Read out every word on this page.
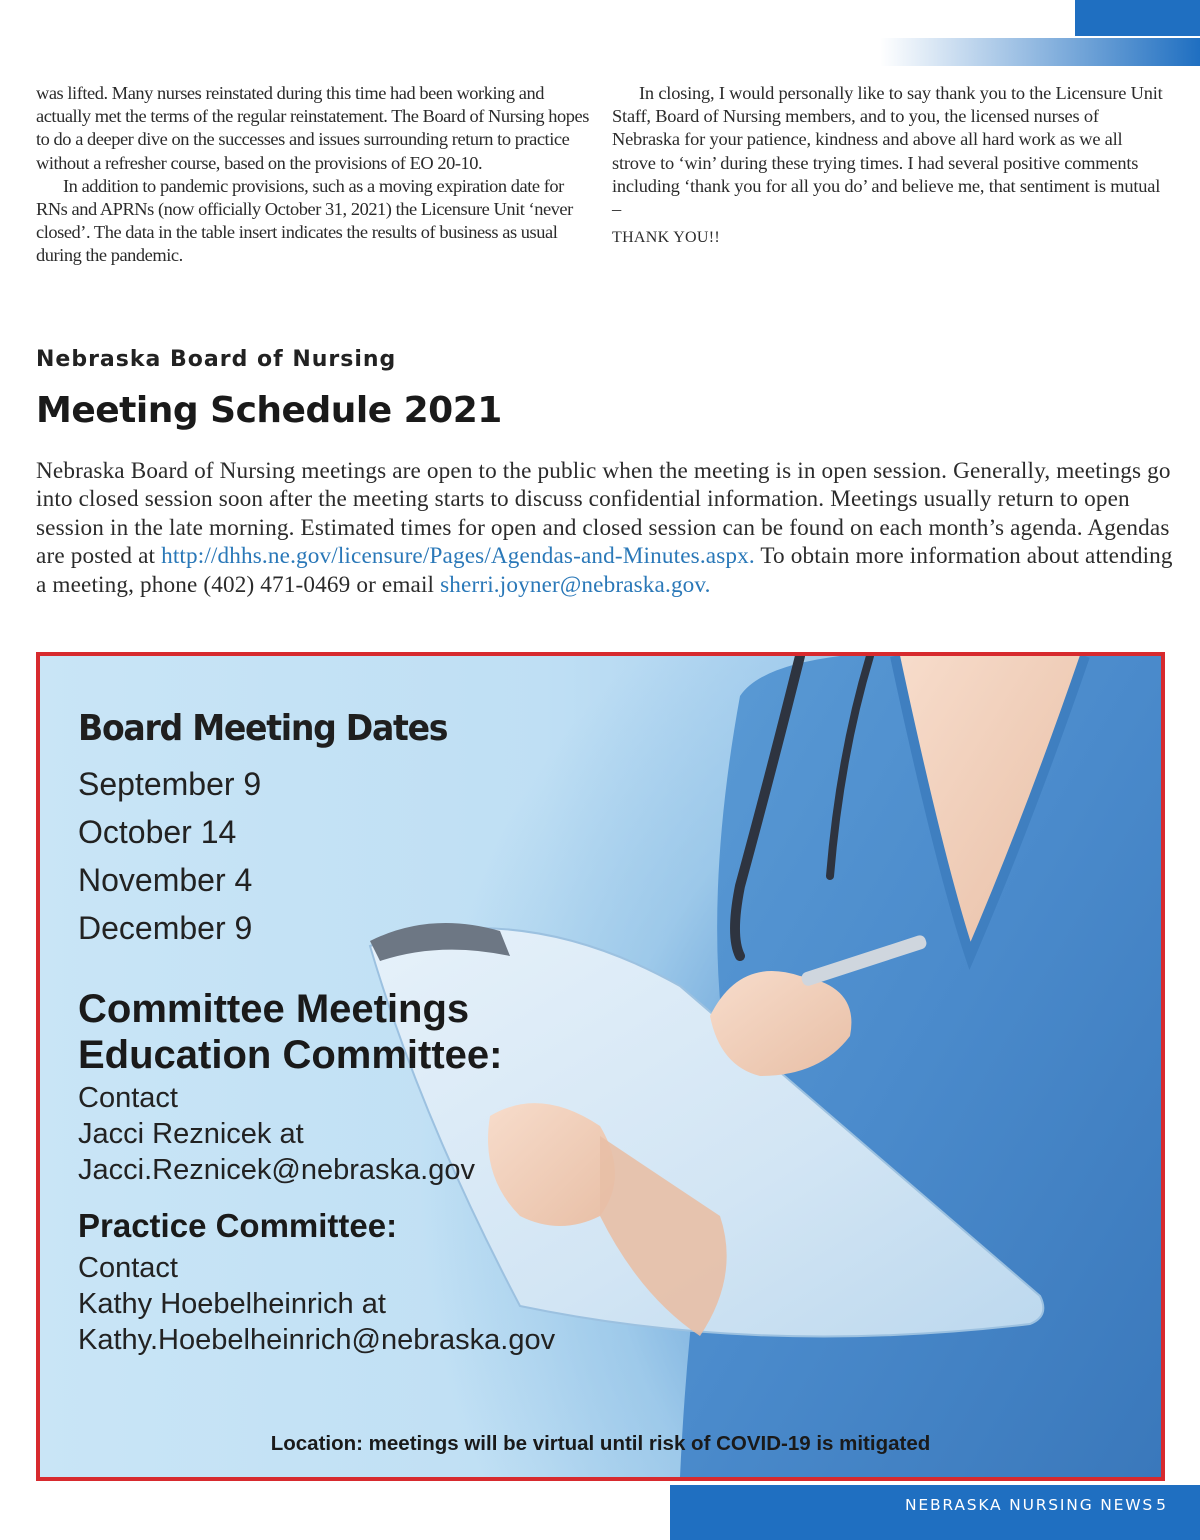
was lifted. Many nurses reinstated during this time had been working and actually met the terms of the regular reinstatement. The Board of Nursing hopes to do a deeper dive on the successes and issues surrounding return to practice without a refresher course, based on the provisions of EO 20-10.

In addition to pandemic provisions, such as a moving expiration date for RNs and APRNs (now officially October 31, 2021) the Licensure Unit ‘never closed’. The data in the table insert indicates the results of business as usual during the pandemic.

In closing, I would personally like to say thank you to the Licensure Unit Staff, Board of Nursing members, and to you, the licensed nurses of Nebraska for your patience, kindness and above all hard work as we all strove to ‘win’ during these trying times. I had several positive comments including ‘thank you for all you do’ and believe me, that sentiment is mutual –

THANK YOU!!

Nebraska Board of Nursing
Meeting Schedule 2021

Nebraska Board of Nursing meetings are open to the public when the meeting is in open session. Generally, meetings go into closed session soon after the meeting starts to discuss confidential information. Meetings usually return to open session in the late morning. Estimated times for open and closed session can be found on each month’s agenda. Agendas are posted at http://dhhs.ne.gov/licensure/Pages/Agendas-and-Minutes.aspx. To obtain more information about attending a meeting, phone (402) 471-0469 or email sherri.joyner@nebraska.gov.

Board Meeting Dates
September 9
October 14
November 4
December 9
Committee Meetings
Education Committee:
Contact
Jacci Reznicek at
Jacci.Reznicek@nebraska.gov
Practice Committee:
Contact
Kathy Hoebelheinrich at
Kathy.Hoebelheinrich@nebraska.gov
Location: meetings will be virtual until risk of COVID-19 is mitigated
NEBRASKA NURSING NEWS 5
